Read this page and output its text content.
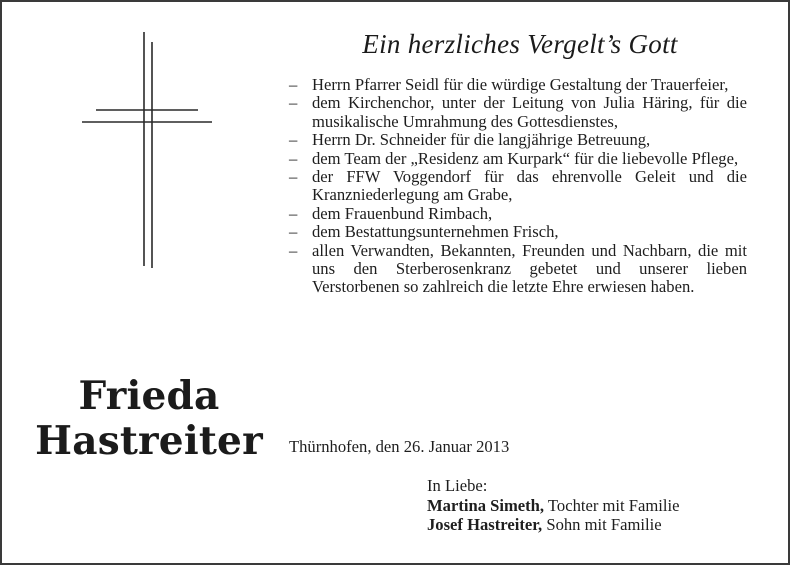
Frieda
Hastreiter
Ein herzliches Vergelt’s Gott
– Herrn Pfarrer Seidl für die würdige Gestaltung der Trauerfeier,
– dem Kirchenchor, unter der Leitung von Julia Häring, für die musikalische Umrahmung des Gottesdienstes,
– Herrn Dr. Schneider für die langjährige Betreuung,
– dem Team der „Residenz am Kurpark“ für die liebevolle Pflege,
– der FFW Voggendorf für das ehrenvolle Geleit und die Kranzniederlegung am Grabe,
– dem Frauenbund Rimbach,
– dem Bestattungsunternehmen Frisch,
– allen Verwandten, Bekannten, Freunden und Nachbarn, die mit uns den Sterberosenkranz gebetet und unserer lieben Verstorbenen so zahlreich die letzte Ehre erwiesen haben.
Thürnhofen, den 26. Januar 2013
In Liebe:
Martina Simeth, Tochter mit Familie
Josef Hastreiter, Sohn mit Familie
